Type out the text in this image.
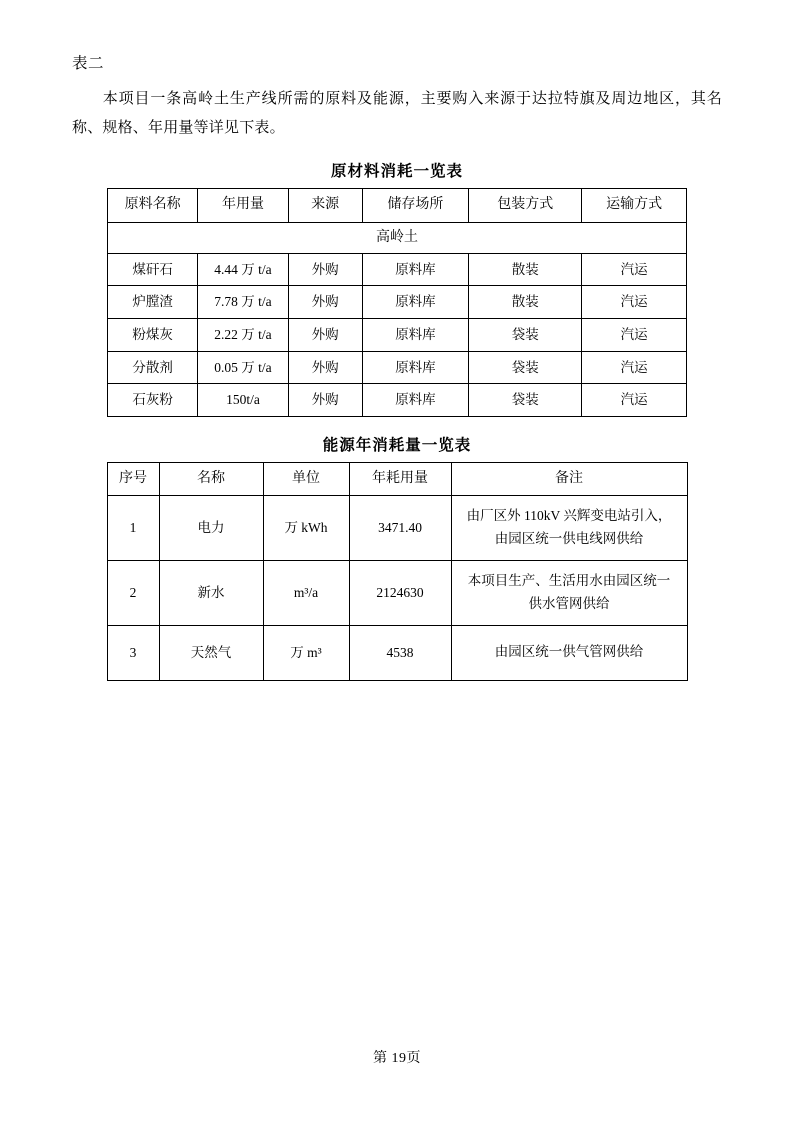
表二
本项目一条高岭土生产线所需的原料及能源，主要购入来源于达拉特旗及周边地区，其名称、规格、年用量等详见下表。
原材料消耗一览表
原料名称	年用量	来源	储存场所	包装方式	运输方式
高岭土					
煤矸石	4.44 万 t/a	外购	原料库	散装	汽运
炉膛渣	7.78 万 t/a	外购	原料库	散装	汽运
粉煤灰	2.22 万 t/a	外购	原料库	袋装	汽运
分散剂	0.05 万 t/a	外购	原料库	袋装	汽运
石灰粉	150t/a	外购	原料库	袋装	汽运
能源年消耗量一览表
序号	名称	单位	年耗用量	备注
1	电力	万 kWh	3471.40	由厂区外 110kV 兴辉变电站引入，由园区统一供电线网供给
2	新水	m³/a	2124630	本项目生产、生活用水由园区统一供水管网供给
3	天然气	万 m³	4538	由园区统一供气管网供给
第 19页
